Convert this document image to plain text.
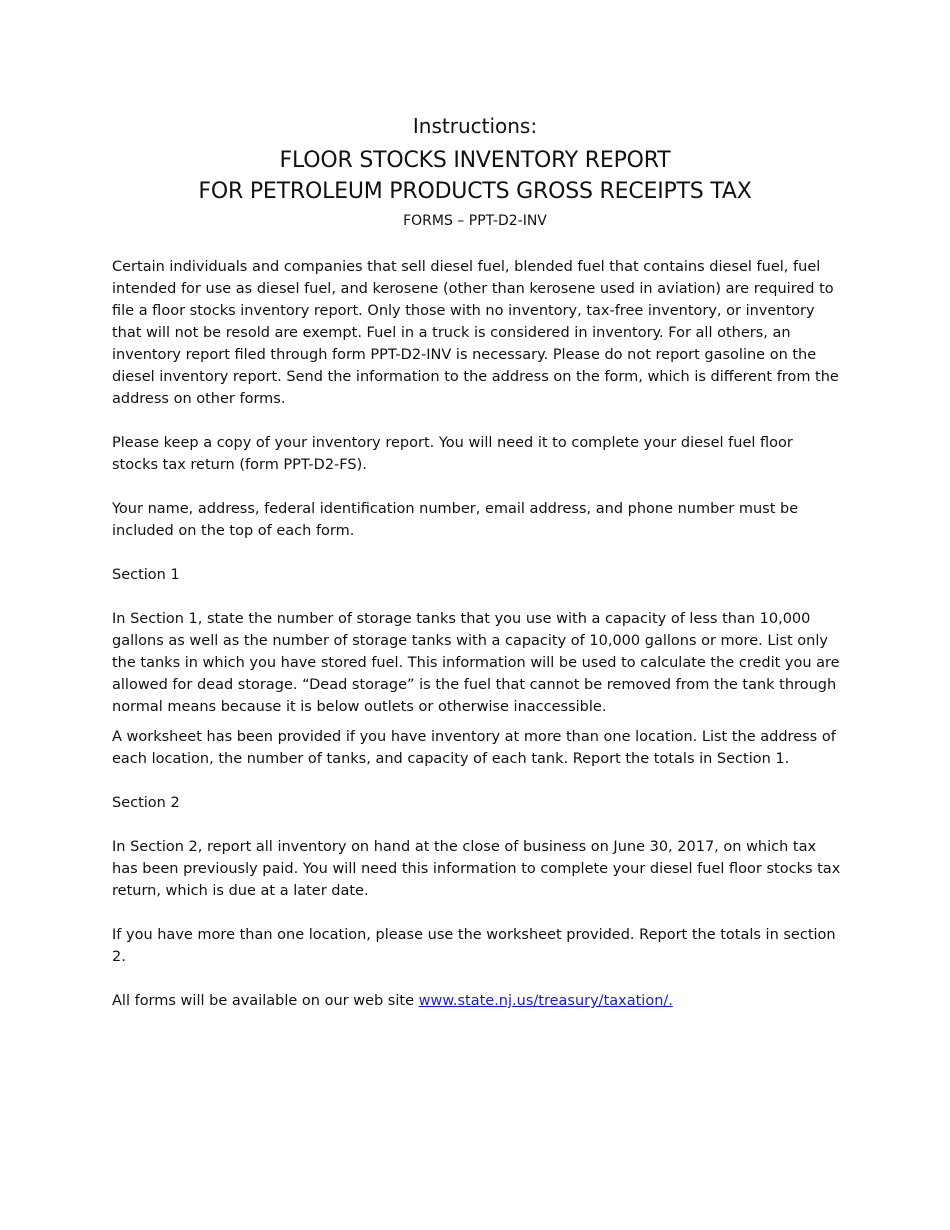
Instructions:
FLOOR STOCKS INVENTORY REPORT
FOR PETROLEUM PRODUCTS GROSS RECEIPTS TAX
FORMS – PPT-D2-INV

Certain individuals and companies that sell diesel fuel, blended fuel that contains diesel fuel, fuel intended for use as diesel fuel, and kerosene (other than kerosene used in aviation) are required to file a floor stocks inventory report. Only those with no inventory, tax-free inventory, or inventory that will not be resold are exempt. Fuel in a truck is considered in inventory. For all others, an inventory report filed through form PPT-D2-INV is necessary. Please do not report gasoline on the diesel inventory report. Send the information to the address on the form, which is different from the address on other forms.

Please keep a copy of your inventory report. You will need it to complete your diesel fuel floor stocks tax return (form PPT-D2-FS).

Your name, address, federal identification number, email address, and phone number must be included on the top of each form.

Section 1

In Section 1, state the number of storage tanks that you use with a capacity of less than 10,000 gallons as well as the number of storage tanks with a capacity of 10,000 gallons or more. List only the tanks in which you have stored fuel. This information will be used to calculate the credit you are allowed for dead storage. “Dead storage” is the fuel that cannot be removed from the tank through normal means because it is below outlets or otherwise inaccessible.

A worksheet has been provided if you have inventory at more than one location. List the address of each location, the number of tanks, and capacity of each tank. Report the totals in Section 1.

Section 2

In Section 2, report all inventory on hand at the close of business on June 30, 2017, on which tax has been previously paid. You will need this information to complete your diesel fuel floor stocks tax return, which is due at a later date.

If you have more than one location, please use the worksheet provided. Report the totals in section 2.

All forms will be available on our web site www.state.nj.us/treasury/taxation/.
